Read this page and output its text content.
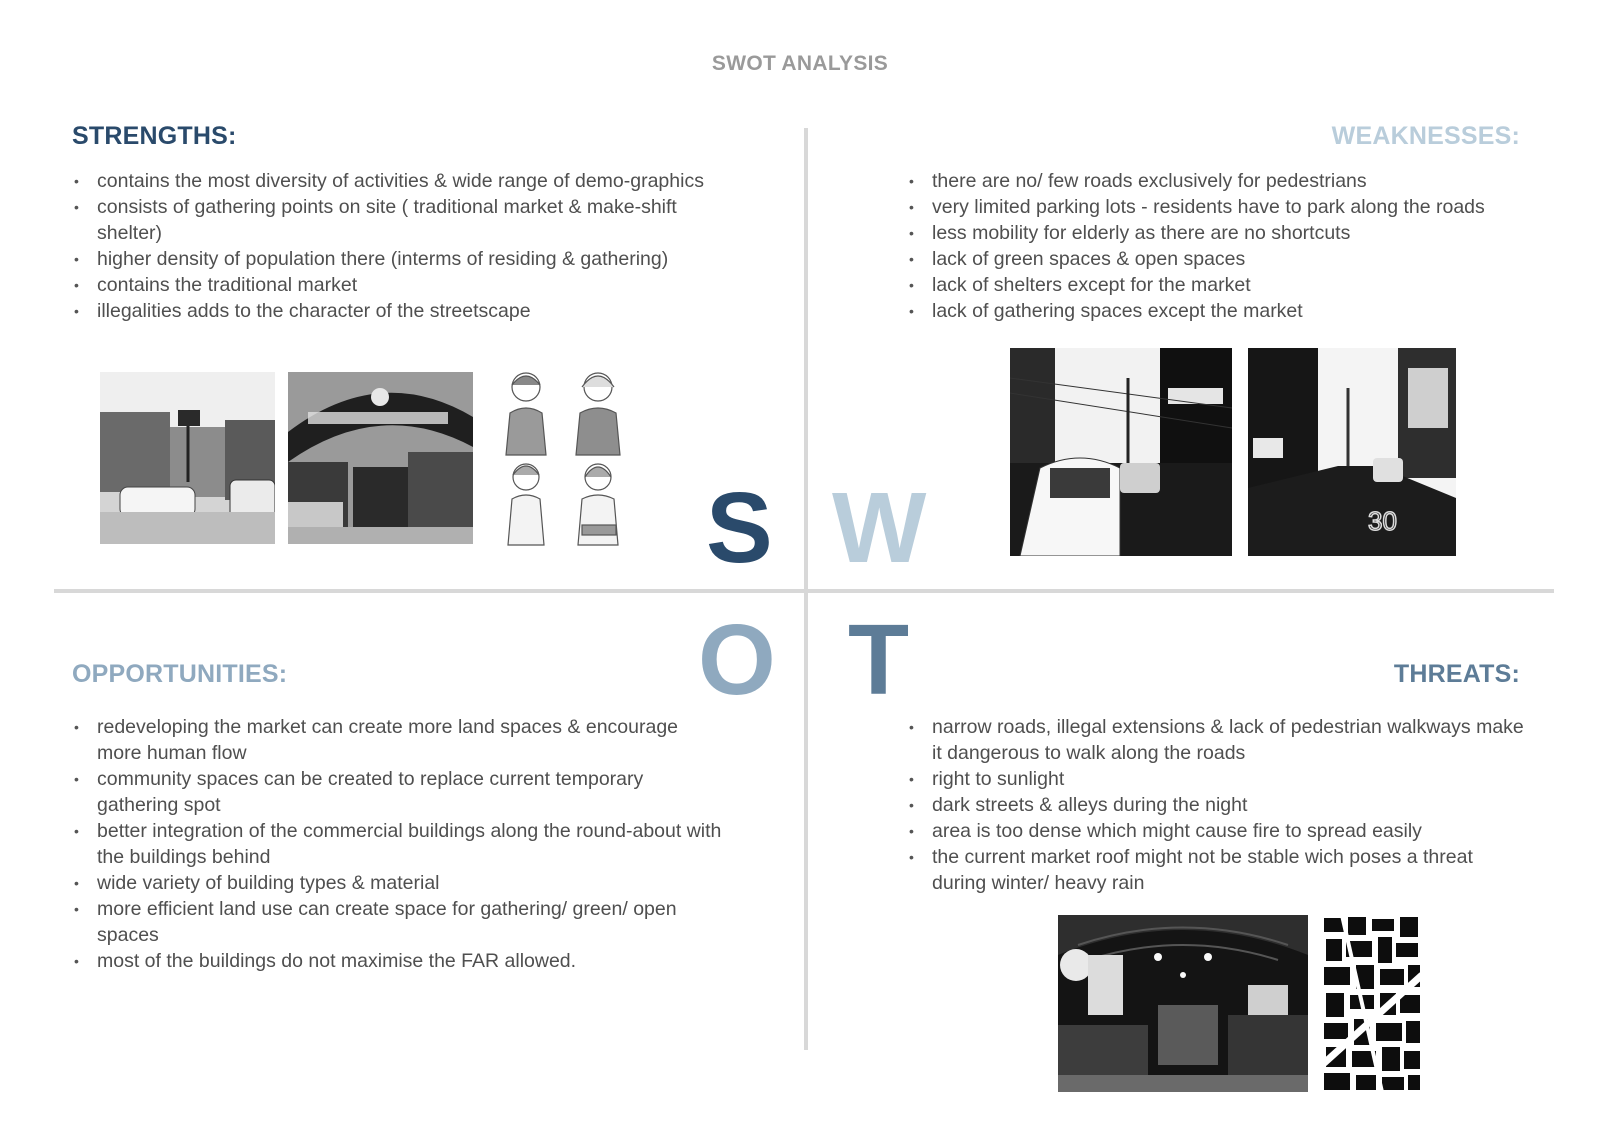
SWOT ANALYSIS
STRENGTHS:
• contains the most diversity of activities & wide range of demo-graphics
• consists of gathering points on site ( traditional market & make-shift shelter)
• higher density of population there (interms of residing & gathering)
• contains the traditional market
• illegalities adds to the character of the streetscape
WEAKNESSES:
• there are no/ few roads exclusively for pedestrians
• very limited parking lots - residents have to park along the roads
• less mobility for elderly as there are no shortcuts
• lack of green spaces & open spaces
• lack of shelters except for the market
• lack of gathering spaces except the market
OPPORTUNITIES:
• redeveloping the market can create more land spaces & encourage more human flow
• community spaces can be created to replace current temporary gathering spot
• better integration of the commercial buildings along the round-about with the buildings behind
• wide variety of building types & material
• more efficient land use can create space for gathering/ green/ open spaces
• most of the buildings do not maximise the FAR allowed.
THREATS:
• narrow roads, illegal extensions & lack of pedestrian walkways make it dangerous to walk along the roads
• right to sunlight
• dark streets & alleys during the night
• area is too dense which might cause fire to spread easily
• the current market roof might not be stable wich poses a threat during winter/ heavy rain
S W
O T
30
